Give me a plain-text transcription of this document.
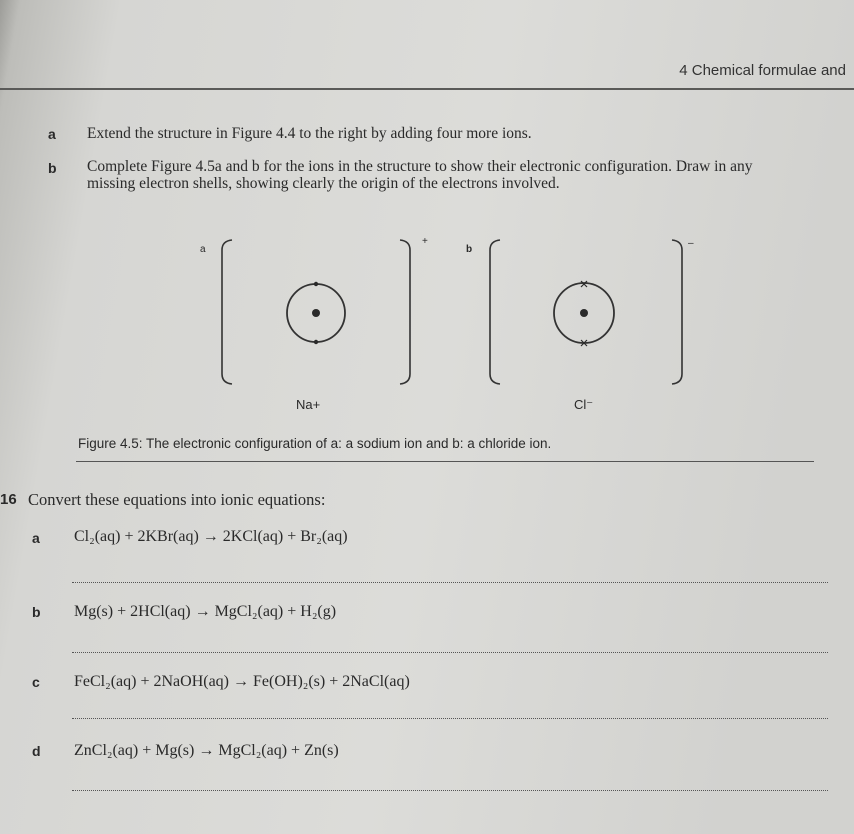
4 Chemical formulae and
a Extend the structure in Figure 4.4 to the right by adding four more ions.
b Complete Figure 4.5a and b for the ions in the structure to show their electronic configuration. Draw in any missing electron shells, showing clearly the origin of the electrons involved.
a
+
b
–
Na+	Cl⁻
Figure 4.5: The electronic configuration of a: a sodium ion and b: a chloride ion.
16 Convert these equations into ionic equations:
a Cl₂(aq) + 2KBr(aq) → 2KCl(aq) + Br₂(aq)
b Mg(s) + 2HCl(aq) → MgCl₂(aq) + H₂(g)
c FeCl₂(aq) + 2NaOH(aq) → Fe(OH)₂(s) + 2NaCl(aq)
d ZnCl₂(aq) + Mg(s) → MgCl₂(aq) + Zn(s)
